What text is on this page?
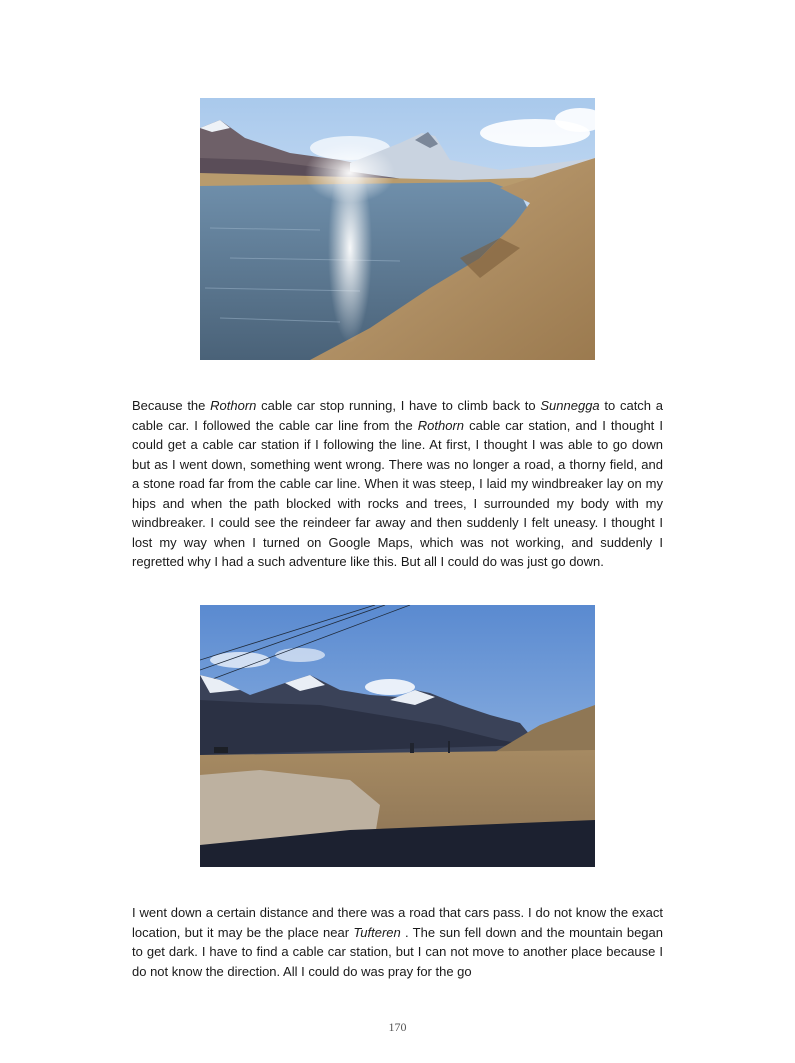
Because the Rothorn cable car stop running, I have to climb back to Sunnegga to catch a cable car. I followed the cable car line from the Rothorn cable car station, and I thought I could get a cable car station if I following the line. At first, I thought I was able to go down but as I went down, something went wrong. There was no longer a road, a thorny field, and a stone road far from the cable car line. When it was steep, I laid my windbreaker lay on my hips and when the path blocked with rocks and trees, I surrounded my body with my windbreaker. I could see the reindeer far away and then suddenly I felt uneasy. I thought I lost my way when I turned on Google Maps, which was not working, and suddenly I regretted why I had a such adventure like this. But all I could do was just go down.

I went down a certain distance and there was a road that cars pass. I do not know the exact location, but it may be the place near Tufteren . The sun fell down and the mountain began to get dark. I have to find a cable car station, but I can not move to another place because I do not know the direction. All I could do was pray for the go

170
